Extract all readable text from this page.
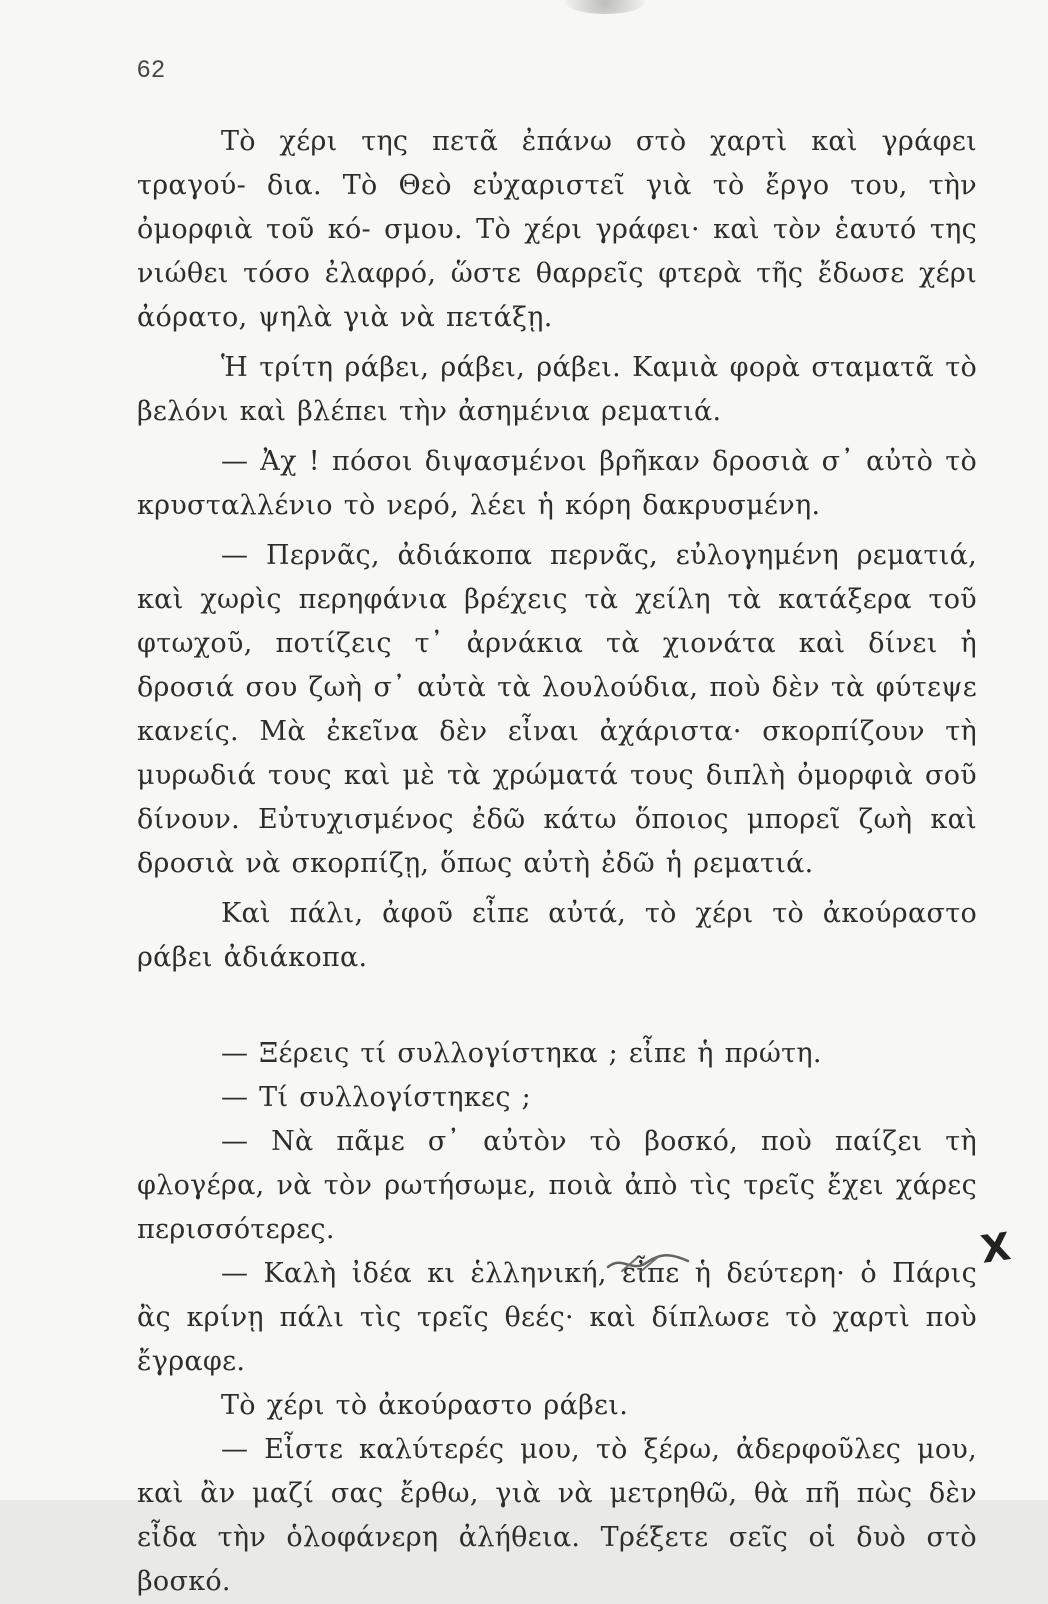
62

Τὸ χέρι της πετᾶ ἐπάνω στὸ χαρτὶ καὶ γράφει τραγού- δια. Τὸ Θεὸ εὐχαριστεῖ γιὰ τὸ ἔργο του, τὴν ὀμορφιὰ τοῦ κό- σμου. Τὸ χέρι γράφει· καὶ τὸν ἑαυτό της νιώθει τόσο ἐλαφρό, ὥστε θαρρεῖς φτερὰ τῆς ἔδωσε χέρι ἀόρατο, ψηλὰ γιὰ νὰ πετάξῃ.

Ἡ τρίτη ράβει, ράβει, ράβει. Καμιὰ φορὰ σταματᾶ τὸ βελόνι καὶ βλέπει τὴν ἀσημένια ρεματιά.

— Ἀχ ! πόσοι διψασμένοι βρῆκαν δροσιὰ σ᾽ αὐτὸ τὸ κρυσταλλένιο τὸ νερό, λέει ἡ κόρη δακρυσμένη.

— Περνᾶς, ἀδιάκοπα περνᾶς, εὐλογημένη ρεματιά, καὶ χωρὶς περηφάνια βρέχεις τὰ χείλη τὰ κατάξερα τοῦ φτωχοῦ, ποτίζεις τ᾽ ἀρνάκια τὰ χιονάτα καὶ δίνει ἡ δροσιά σου ζωὴ σ᾽ αὐτὰ τὰ λουλούδια, ποὺ δὲν τὰ φύτεψε κανείς. Μὰ ἐκεῖνα δὲν εἶναι ἀχάριστα· σκορπίζουν τὴ μυρωδιά τους καὶ μὲ τὰ χρώματά τους διπλὴ ὀμορφιὰ σοῦ δίνουν. Εὐτυχισμένος ἐδῶ κάτω ὅποιος μπορεῖ ζωὴ καὶ δροσιὰ νὰ σκορπίζῃ, ὅπως αὐτὴ ἐδῶ ἡ ρεματιά.

Καὶ πάλι, ἀφοῦ εἶπε αὐτά, τὸ χέρι τὸ ἀκούραστο ράβει ἀδιάκοπα.

— Ξέρεις τί συλλογίστηκα ; εἶπε ἡ πρώτη.

— Τί συλλογίστηκες ;

— Νὰ πᾶμε σ᾽ αὐτὸν τὸ βοσκό, ποὺ παίζει τὴ φλογέρα, νὰ τὸν ρωτήσωμε, ποιὰ ἀπὸ τὶς τρεῖς ἔχει χάρες περισσότερες.

— Καλὴ ἰδέα κι ἑλληνική, εἶπε ἡ δεύτερη· ὁ Πάρις ἂς κρίνῃ πάλι τὶς τρεῖς θεές· καὶ δίπλωσε τὸ χαρτὶ ποὺ ἔγραφε.

Τὸ χέρι τὸ ἀκούραστο ράβει.

— Εἶστε καλύτερές μου, τὸ ξέρω, ἀδερφοῦλες μου, καὶ ἂν μαζί σας ἔρθω, γιὰ νὰ μετρηθῶ, θὰ πῆ πὼς δὲν εἶδα τὴν ὁλοφάνερη ἀλήθεια. Τρέξετε σεῖς οἱ δυὸ στὸ βοσκό.

X
